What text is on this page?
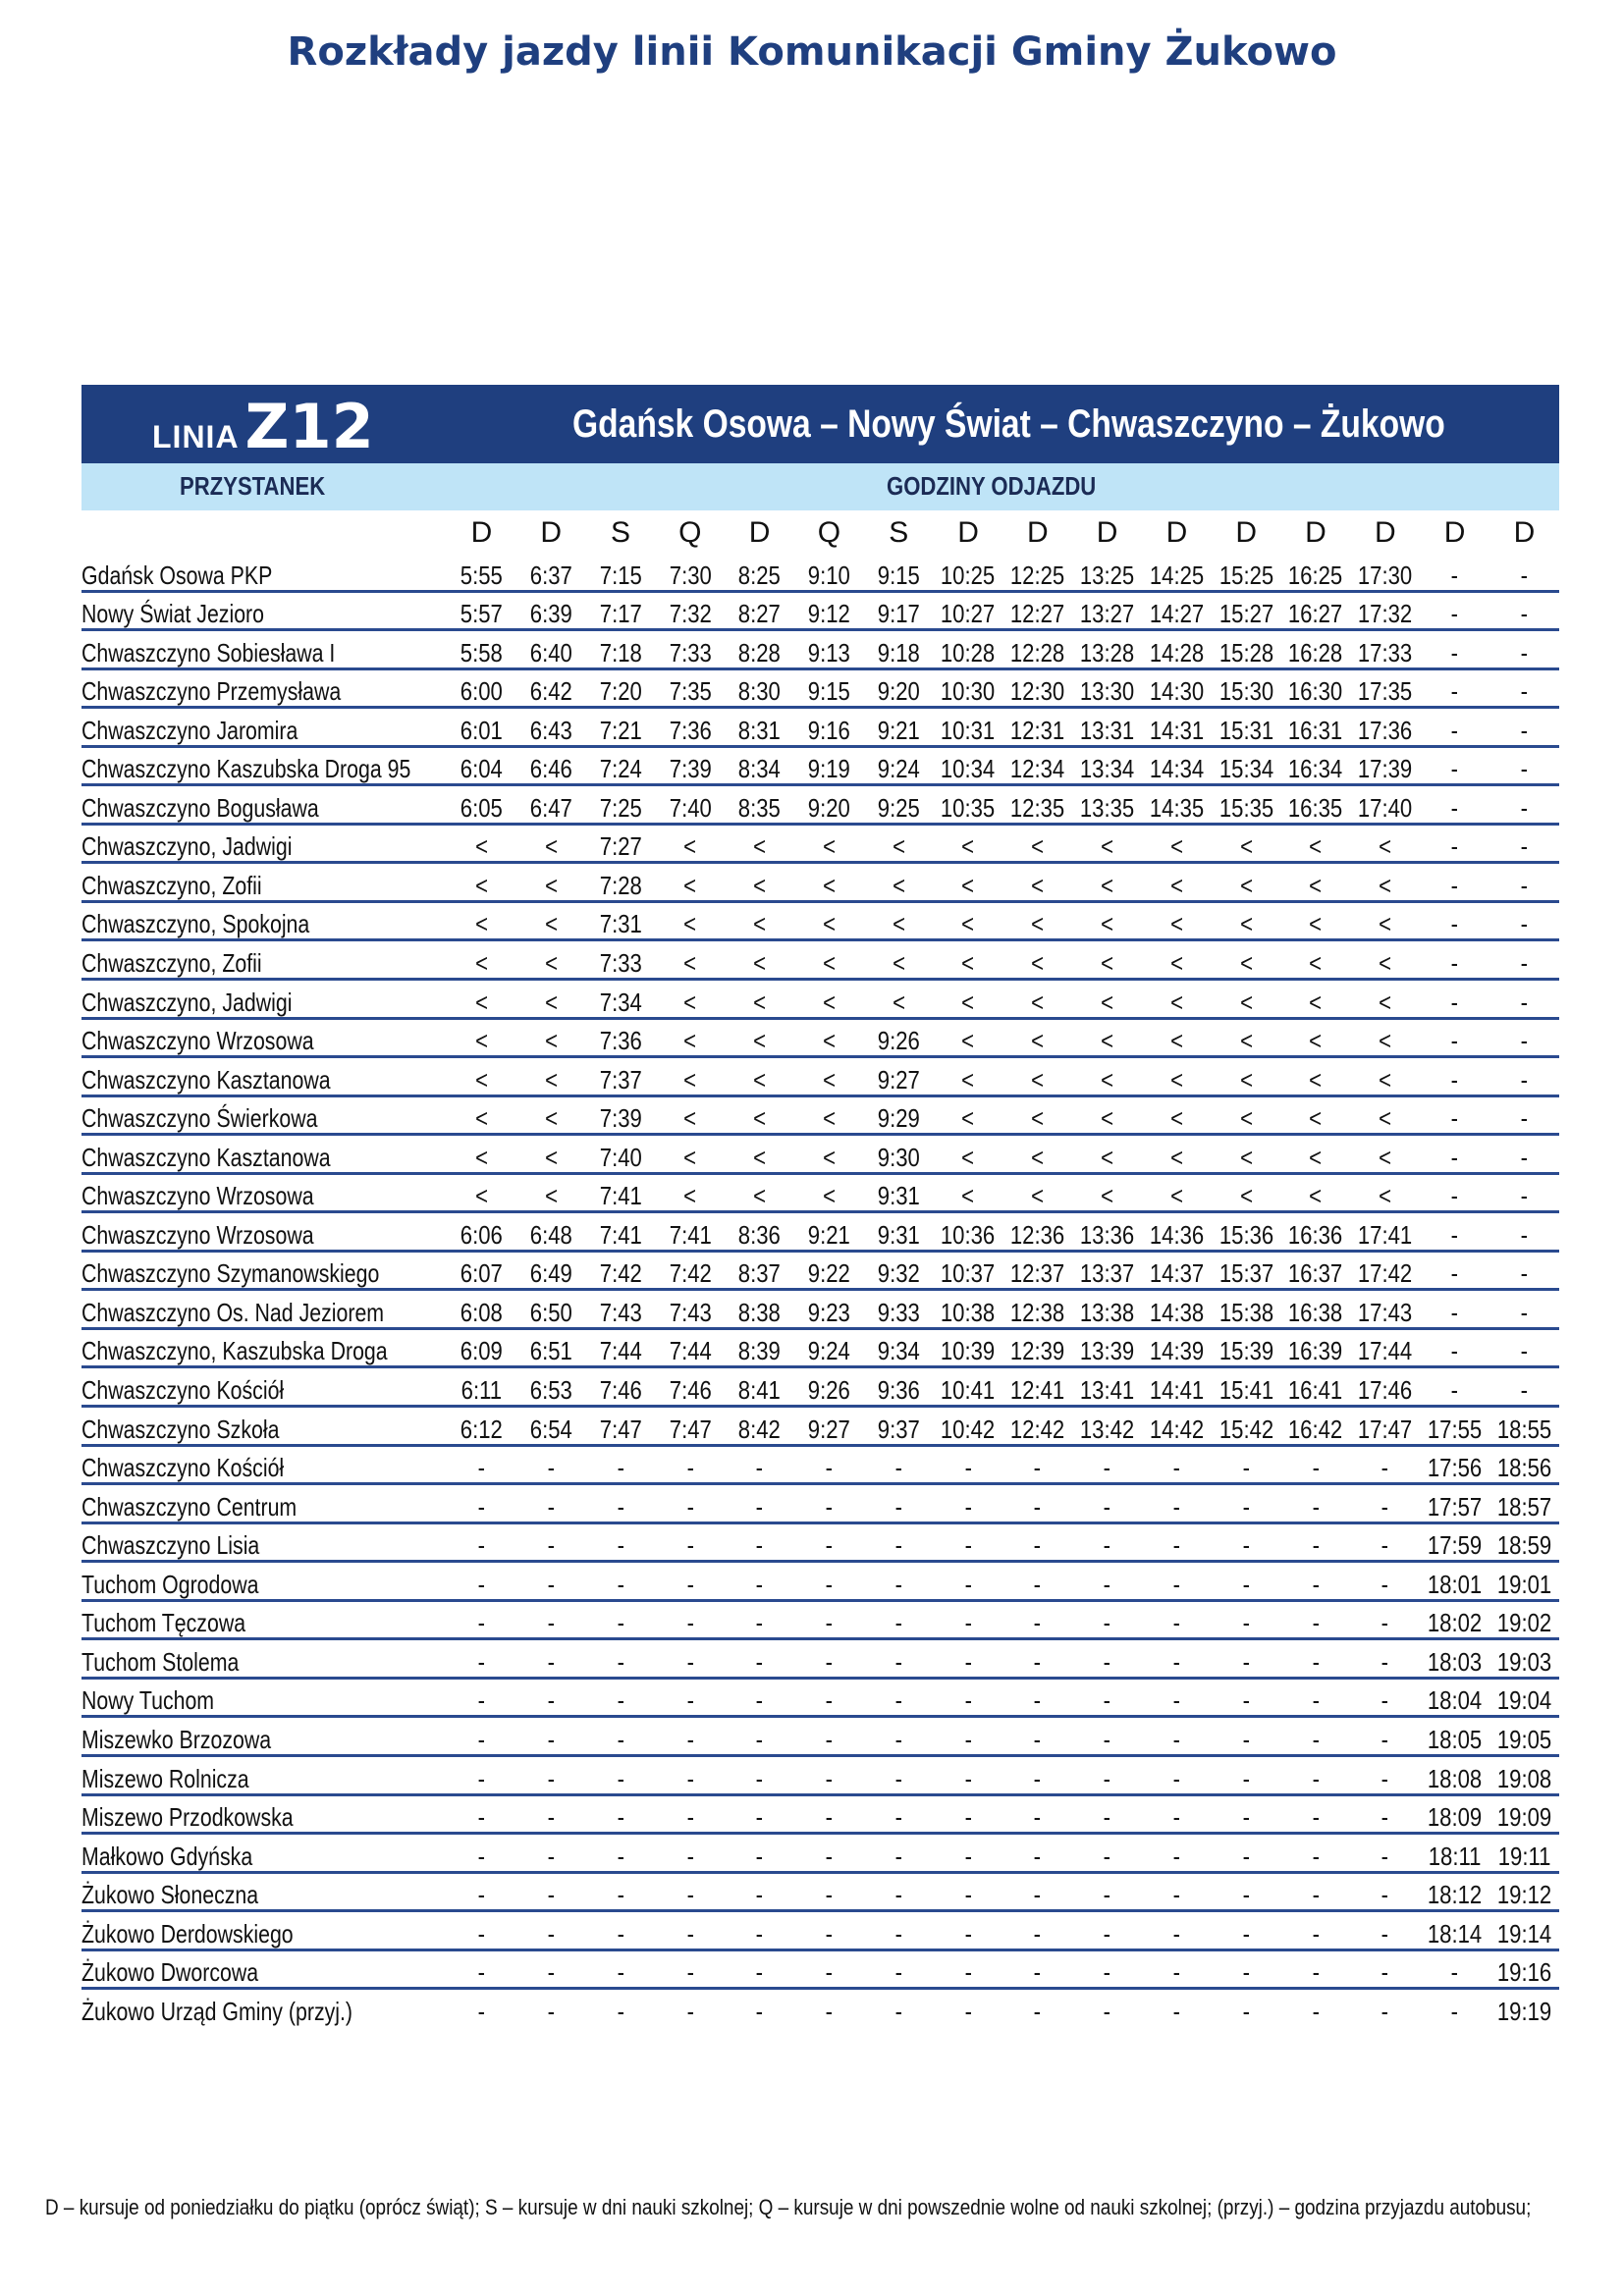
Rozkłady jazdy linii Komunikacji Gminy Żukowo
LINIAZ12	Gdańsk Osowa – Nowy Świat – Chwaszczyno – Żukowo
PRZYSTANEK	GODZINY ODJAZDU
	D	D	S	Q	D	Q	S	D	D	D	D	D	D	D	D	D
Gdańsk Osowa PKP	5:55	6:37	7:15	7:30	8:25	9:10	9:15	10:25	12:25	13:25	14:25	15:25	16:25	17:30	-	-
Nowy Świat Jezioro	5:57	6:39	7:17	7:32	8:27	9:12	9:17	10:27	12:27	13:27	14:27	15:27	16:27	17:32	-	-
Chwaszczyno Sobiesława I	5:58	6:40	7:18	7:33	8:28	9:13	9:18	10:28	12:28	13:28	14:28	15:28	16:28	17:33	-	-
Chwaszczyno Przemysława	6:00	6:42	7:20	7:35	8:30	9:15	9:20	10:30	12:30	13:30	14:30	15:30	16:30	17:35	-	-
Chwaszczyno Jaromira	6:01	6:43	7:21	7:36	8:31	9:16	9:21	10:31	12:31	13:31	14:31	15:31	16:31	17:36	-	-
Chwaszczyno Kaszubska Droga 95	6:04	6:46	7:24	7:39	8:34	9:19	9:24	10:34	12:34	13:34	14:34	15:34	16:34	17:39	-	-
Chwaszczyno Bogusława	6:05	6:47	7:25	7:40	8:35	9:20	9:25	10:35	12:35	13:35	14:35	15:35	16:35	17:40	-	-
Chwaszczyno, Jadwigi	<	<	7:27	<	<	<	<	<	<	<	<	<	<	<	-	-
Chwaszczyno, Zofii	<	<	7:28	<	<	<	<	<	<	<	<	<	<	<	-	-
Chwaszczyno, Spokojna	<	<	7:31	<	<	<	<	<	<	<	<	<	<	<	-	-
Chwaszczyno, Zofii	<	<	7:33	<	<	<	<	<	<	<	<	<	<	<	-	-
Chwaszczyno, Jadwigi	<	<	7:34	<	<	<	<	<	<	<	<	<	<	<	-	-
Chwaszczyno Wrzosowa	<	<	7:36	<	<	<	9:26	<	<	<	<	<	<	<	-	-
Chwaszczyno Kasztanowa	<	<	7:37	<	<	<	9:27	<	<	<	<	<	<	<	-	-
Chwaszczyno Świerkowa	<	<	7:39	<	<	<	9:29	<	<	<	<	<	<	<	-	-
Chwaszczyno Kasztanowa	<	<	7:40	<	<	<	9:30	<	<	<	<	<	<	<	-	-
Chwaszczyno Wrzosowa	<	<	7:41	<	<	<	9:31	<	<	<	<	<	<	<	-	-
Chwaszczyno Wrzosowa	6:06	6:48	7:41	7:41	8:36	9:21	9:31	10:36	12:36	13:36	14:36	15:36	16:36	17:41	-	-
Chwaszczyno Szymanowskiego	6:07	6:49	7:42	7:42	8:37	9:22	9:32	10:37	12:37	13:37	14:37	15:37	16:37	17:42	-	-
Chwaszczyno Os. Nad Jeziorem	6:08	6:50	7:43	7:43	8:38	9:23	9:33	10:38	12:38	13:38	14:38	15:38	16:38	17:43	-	-
Chwaszczyno, Kaszubska Droga	6:09	6:51	7:44	7:44	8:39	9:24	9:34	10:39	12:39	13:39	14:39	15:39	16:39	17:44	-	-
Chwaszczyno Kościół	6:11	6:53	7:46	7:46	8:41	9:26	9:36	10:41	12:41	13:41	14:41	15:41	16:41	17:46	-	-
Chwaszczyno Szkoła	6:12	6:54	7:47	7:47	8:42	9:27	9:37	10:42	12:42	13:42	14:42	15:42	16:42	17:47	17:55	18:55
Chwaszczyno Kościół	-	-	-	-	-	-	-	-	-	-	-	-	-	-	17:56	18:56
Chwaszczyno Centrum	-	-	-	-	-	-	-	-	-	-	-	-	-	-	17:57	18:57
Chwaszczyno Lisia	-	-	-	-	-	-	-	-	-	-	-	-	-	-	17:59	18:59
Tuchom Ogrodowa	-	-	-	-	-	-	-	-	-	-	-	-	-	-	18:01	19:01
Tuchom Tęczowa	-	-	-	-	-	-	-	-	-	-	-	-	-	-	18:02	19:02
Tuchom Stolema	-	-	-	-	-	-	-	-	-	-	-	-	-	-	18:03	19:03
Nowy Tuchom	-	-	-	-	-	-	-	-	-	-	-	-	-	-	18:04	19:04
Miszewko Brzozowa	-	-	-	-	-	-	-	-	-	-	-	-	-	-	18:05	19:05
Miszewo Rolnicza	-	-	-	-	-	-	-	-	-	-	-	-	-	-	18:08	19:08
Miszewo Przodkowska	-	-	-	-	-	-	-	-	-	-	-	-	-	-	18:09	19:09
Małkowo Gdyńska	-	-	-	-	-	-	-	-	-	-	-	-	-	-	18:11	19:11
Żukowo Słoneczna	-	-	-	-	-	-	-	-	-	-	-	-	-	-	18:12	19:12
Żukowo Derdowskiego	-	-	-	-	-	-	-	-	-	-	-	-	-	-	18:14	19:14
Żukowo Dworcowa	-	-	-	-	-	-	-	-	-	-	-	-	-	-	-	19:16
Żukowo Urząd Gminy (przyj.)	-	-	-	-	-	-	-	-	-	-	-	-	-	-	-	19:19
D – kursuje od poniedziałku do piątku (oprócz świąt); S – kursuje w dni nauki szkolnej; Q – kursuje w dni powszednie wolne od nauki szkolnej; (przyj.) – godzina przyjazdu autobusu;
